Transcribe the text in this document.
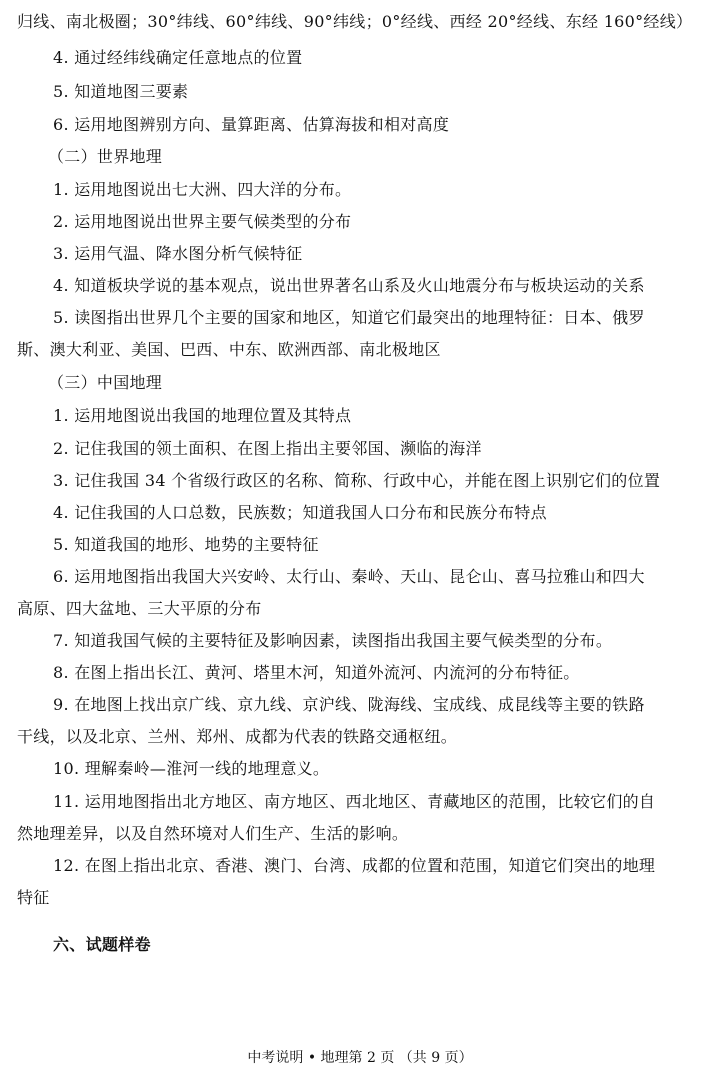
归线、南北极圈；30°纬线、60°纬线、90°纬线；0°经线、西经 20°经线、东经 160°经线）
4. 通过经纬线确定任意地点的位置
5. 知道地图三要素
6. 运用地图辨别方向、量算距离、估算海拔和相对高度
（二）世界地理
1. 运用地图说出七大洲、四大洋的分布。
2. 运用地图说出世界主要气候类型的分布
3. 运用气温、降水图分析气候特征
4. 知道板块学说的基本观点，说出世界著名山系及火山地震分布与板块运动的关系
5. 读图指出世界几个主要的国家和地区，知道它们最突出的地理特征：日本、俄罗
斯、澳大利亚、美国、巴西、中东、欧洲西部、南北极地区
（三）中国地理
1. 运用地图说出我国的地理位置及其特点
2. 记住我国的领土面积、在图上指出主要邻国、濒临的海洋
3. 记住我国 34 个省级行政区的名称、简称、行政中心，并能在图上识别它们的位置
4. 记住我国的人口总数，民族数；知道我国人口分布和民族分布特点
5. 知道我国的地形、地势的主要特征
6. 运用地图指出我国大兴安岭、太行山、秦岭、天山、昆仑山、喜马拉雅山和四大
高原、四大盆地、三大平原的分布
7. 知道我国气候的主要特征及影响因素，读图指出我国主要气候类型的分布。
8. 在图上指出长江、黄河、塔里木河，知道外流河、内流河的分布特征。
9. 在地图上找出京广线、京九线、京沪线、陇海线、宝成线、成昆线等主要的铁路
干线，以及北京、兰州、郑州、成都为代表的铁路交通枢纽。
10. 理解秦岭—淮河一线的地理意义。
11. 运用地图指出北方地区、南方地区、西北地区、青藏地区的范围，比较它们的自
然地理差异，以及自然环境对人们生产、生活的影响。
12. 在图上指出北京、香港、澳门、台湾、成都的位置和范围，知道它们突出的地理
特征
六、试题样卷
中考说明 • 地理第 2 页 （共 9 页）
